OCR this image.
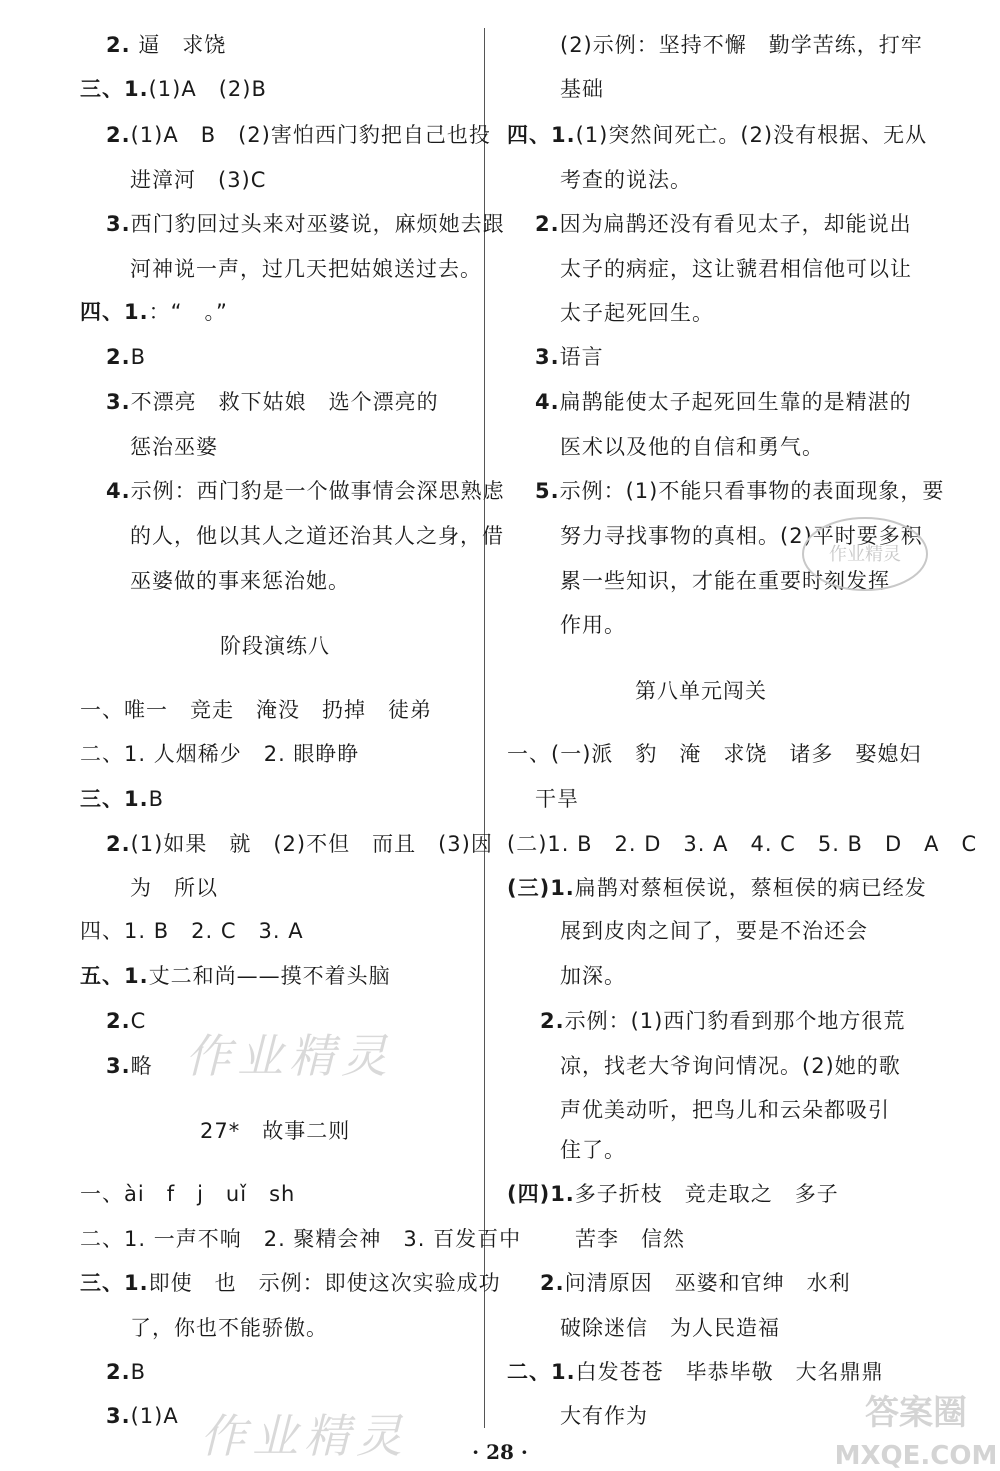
2. 逼　求饶
三、1.(1)A　(2)B
2.(1)A　B　(2)害怕西门豹把自己也投
进漳河　(3)C
3.西门豹回过头来对巫婆说，麻烦她去跟
河神说一声，过几天把姑娘送过去。
四、1.：“　。”
2.B
3.不漂亮　救下姑娘　选个漂亮的
惩治巫婆
4.示例：西门豹是一个做事情会深思熟虑
的人，他以其人之道还治其人之身，借
巫婆做的事来惩治她。
阶段演练八
一、唯一　竞走　淹没　扔掉　徒弟
二、1. 人烟稀少　2. 眼睁睁
三、1.B
2.(1)如果　就　(2)不但　而且　(3)因
为　所以
四、1. B　2. C　3. A
五、1.丈二和尚——摸不着头脑
2.C
3.略
27*　故事二则
一、ài　f　j　uǐ　sh
二、1. 一声不响　2. 聚精会神　3. 百发百中
三、1.即使　也　示例：即使这次实验成功
了，你也不能骄傲。
2.B
3.(1)A
(2)示例：坚持不懈　勤学苦练，打牢
基础
四、1.(1)突然间死亡。(2)没有根据、无从
考查的说法。
2.因为扁鹊还没有看见太子，却能说出
太子的病症，这让虢君相信他可以让
太子起死回生。
3.语言
4.扁鹊能使太子起死回生靠的是精湛的
医术以及他的自信和勇气。
5.示例：(1)不能只看事物的表面现象，要
努力寻找事物的真相。(2)平时要多积
累一些知识，才能在重要时刻发挥
作用。
第八单元闯关
一、(一)派　豹　淹　求饶　诸多　娶媳妇
干旱
(二)1. B　2. D　3. A　4. C　5. B　D　A　C
(三)1.扁鹊对蔡桓侯说，蔡桓侯的病已经发
展到皮肉之间了，要是不治还会
加深。
2.示例：(1)西门豹看到那个地方很荒
凉，找老大爷询问情况。(2)她的歌
声优美动听，把鸟儿和云朵都吸引
住了。
(四)1.多子折枝　竞走取之　多子
苦李　信然
2.问清原因　巫婆和官绅　水利
破除迷信　为人民造福
二、1.白发苍苍　毕恭毕敬　大名鼎鼎
大有作为
作业精灵
作业精灵
作业精灵
答案圈
MXQE.COM
· 28 ·
